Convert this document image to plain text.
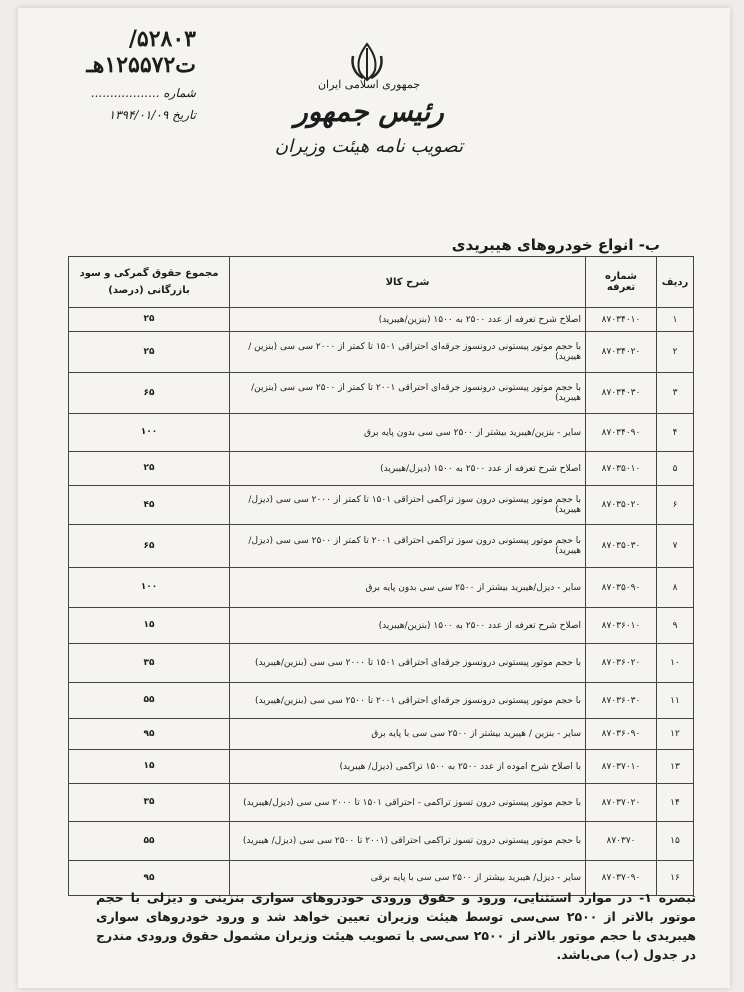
۵۲۸۰۳/ت۱۲۵۵۷۲هـ
شماره ..................
تاریخ ۱۳۹۴/۰۱/۰۹
جمهوری اسلامی ایران
رئیس جمهور
تصویب نامه هیئت وزیران
ب- انواع خودروهای هیبریدی
ردیف	شماره تعرفه	شرح کالا	مجموع حقوق گمرکی و سود بازرگانی (درصد)
۱	۸۷۰۳۴۰۱۰	اصلاح شرح تعرفه از عدد ۲۵۰۰ به ۱۵۰۰ (بنزین/هیبرید)	۲۵
۲	۸۷۰۳۴۰۲۰	با حجم موتور پیستونی درونسوز جرقه‌ای احتراقی ۱۵۰۱ تا کمتر از ۲۰۰۰ سی سی (بنزین / هیبرید)	۲۵
۳	۸۷۰۳۴۰۳۰	با حجم موتور پیستونی درونسوز جرقه‌ای احتراقی ۲۰۰۱ تا کمتر از ۲۵۰۰ سی سی (بنزین/هیبرید)	۶۵
۴	۸۷۰۳۴۰۹۰	سایر - بنزین/هیبرید بیشتر از ۲۵۰۰ سی سی بدون پایه برق	۱۰۰
۵	۸۷۰۳۵۰۱۰	اصلاح شرح تعرفه از عدد ۲۵۰۰ به ۱۵۰۰ (دیزل/هیبرید)	۲۵
۶	۸۷۰۳۵۰۲۰	با حجم موتور پیستونی درون سوز تراکمی احتراقی ۱۵۰۱ تا کمتر از ۲۰۰۰ سی سی (دیزل/هیبرید)	۴۵
۷	۸۷۰۳۵۰۳۰	با حجم موتور پیستونی درون سوز تراکمی احتراقی ۲۰۰۱ تا کمتر از ۲۵۰۰ سی سی (دیزل/هیبرید)	۶۵
۸	۸۷۰۳۵۰۹۰	سایر - دیزل/هیبرید بیشتر از ۲۵۰۰ سی سی بدون پایه برق	۱۰۰
۹	۸۷۰۳۶۰۱۰	اصلاح شرح تعرفه از عدد ۲۵۰۰ به ۱۵۰۰ (بنزین/هیبرید)	۱۵
۱۰	۸۷۰۳۶۰۲۰	با حجم موتور پیستونی درونسوز جرقه‌ای احتراقی ۱۵۰۱ تا ۲۰۰۰ سی سی (بنزین/هیبرید)	۳۵
۱۱	۸۷۰۳۶۰۳۰	با حجم موتور پیستونی درونسوز جرقه‌ای احتراقی ۲۰۰۱ تا ۲۵۰۰ سی سی (بنزین/هیبرید)	۵۵
۱۲	۸۷۰۳۶۰۹۰	سایر - بنزین / هیبرید بیشتر از ۲۵۰۰ سی سی با پایه برق	۹۵
۱۳	۸۷۰۳۷۰۱۰	با اصلاح شرح اموده از عدد ۲۵۰۰ به ۱۵۰۰ تراکمی (دیزل/ هیبرید)	۱۵
۱۴	۸۷۰۳۷۰۲۰	با حجم موتور پیستونی درون تسوز تراکمی - احتراقی ۱۵۰۱ تا ۲۰۰۰ سی سی (دیزل/هیبرید)	۳۵
۱۵	۸۷۰۳۷۰	با حجم موتور پیستونی درون تسوز تراکمی احتراقی (۲۰۰۱ تا ۲۵۰۰ سی سی (دیزل/ هیبرید)	۵۵
۱۶	۸۷۰۳۷۰۹۰	سایر - دیزل/ هیبرید بیشتر از ۲۵۰۰ سی سی با پایه برقی	۹۵
تبصره ۱- در موارد استثنایی، ورود و حقوق ورودی خودروهای سواری بنزینی و دیزلی با حجم موتور بالاتر از ۲۵۰۰ سی‌سی توسط هیئت وزیران تعیین خواهد شد و ورود خودروهای سواری هیبریدی با حجم موتور بالاتر از ۲۵۰۰ سی‌سی با تصویب هیئت وزیران مشمول حقوق ورودی مندرج در جدول (ب) می‌باشد.
